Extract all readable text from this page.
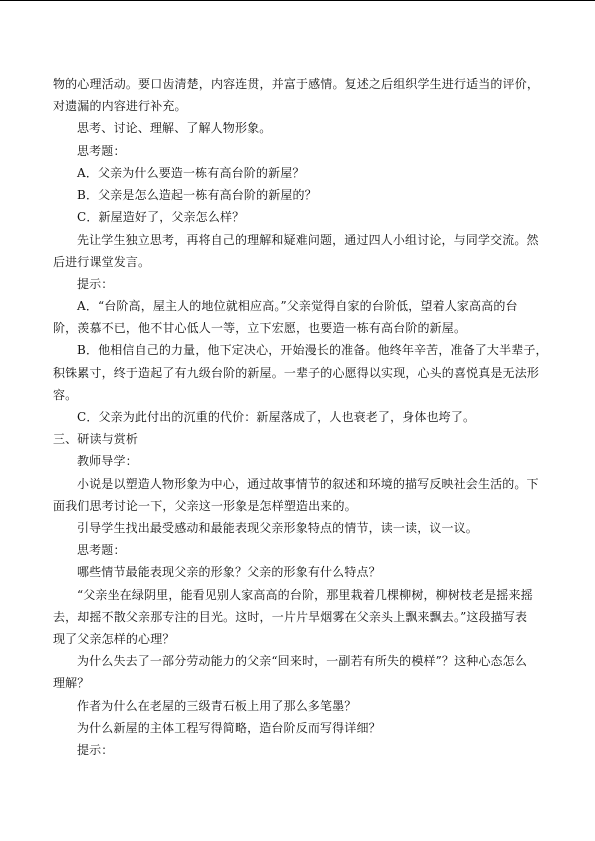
物的心理活动。要口齿清楚，内容连贯，并富于感情。复述之后组织学生进行适当的评价，

对遗漏的内容进行补充。

思考、讨论、理解、了解人物形象。

思考题：

A．父亲为什么要造一栋有高台阶的新屋？

B．父亲是怎么造起一栋有高台阶的新屋的？

C．新屋造好了，父亲怎么样？

先让学生独立思考，再将自己的理解和疑难问题，通过四人小组讨论，与同学交流。然

后进行课堂发言。

提示：

A．“台阶高，屋主人的地位就相应高。”父亲觉得自家的台阶低，望着人家高高的台

阶，羡慕不已，他不甘心低人一等，立下宏愿，也要造一栋有高台阶的新屋。

B．他相信自己的力量，他下定决心，开始漫长的准备。他终年辛苦，准备了大半辈子，

积铢累寸，终于造起了有九级台阶的新屋。一辈子的心愿得以实现，心头的喜悦真是无法形

容。

C．父亲为此付出的沉重的代价：新屋落成了，人也衰老了，身体也垮了。

三、研读与赏析

教师导学：

小说是以塑造人物形象为中心，通过故事情节的叙述和环境的描写反映社会生活的。下

面我们思考讨论一下，父亲这一形象是怎样塑造出来的。

引导学生找出最受感动和最能表现父亲形象特点的情节，读一读，议一议。

思考题：

哪些情节最能表现父亲的形象？父亲的形象有什么特点？

“父亲坐在绿阴里，能看见别人家高高的台阶，那里栽着几棵柳树，柳树枝老是摇来摇

去，却摇不散父亲那专注的目光。这时，一片片旱烟雾在父亲头上飘来飘去。”这段描写表

现了父亲怎样的心理？

为什么失去了一部分劳动能力的父亲“回来时，一副若有所失的模样”？这种心态怎么

理解？

作者为什么在老屋的三级青石板上用了那么多笔墨？

为什么新屋的主体工程写得简略，造台阶反而写得详细？

提示：
